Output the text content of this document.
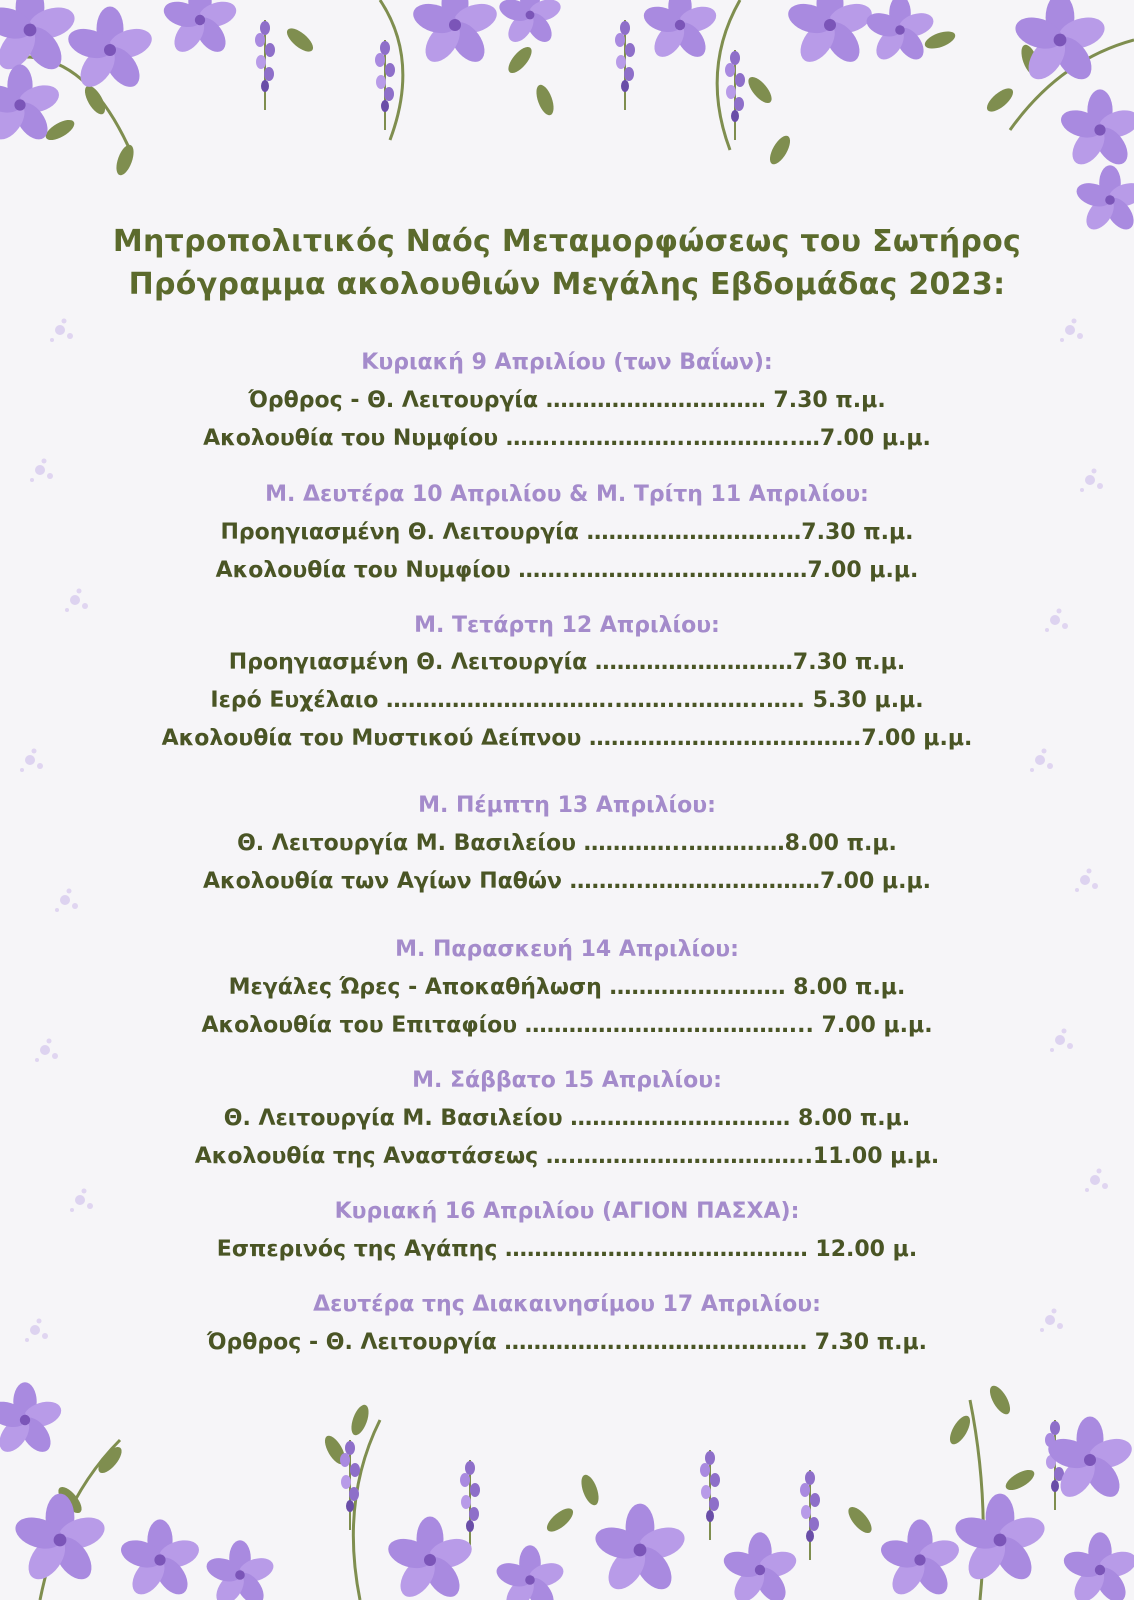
Μητροπολιτικός Ναός Μεταμορφώσεως του Σωτήρος
Πρόγραμμα ακολουθιών Μεγάλης Εβδομάδας 2023:
Κυριακή 9 Απριλίου (των Βαΐων):
Όρθρος - Θ. Λειτουργία ………………………… 7.30 π.μ.
Ακολουθία του Νυμφίου ……..……………..…………..…7.00 μ.μ.
Μ. Δευτέρα 10 Απριλίου & Μ. Τρίτη 11 Απριλίου:
Προηγιασμένη Θ. Λειτουργία ……………………..…7.30 π.μ.
Ακολουθία του Νυμφίου ……..……………………….…7.00 μ.μ.
Μ. Τετάρτη 12 Απριλίου:
Προηγιασμένη Θ. Λειτουργία ………………………7.30 π.μ.
Ιερό Ευχέλαιο …………………………..……..………..….. 5.30 μ.μ.
Ακολουθία του Μυστικού Δείπνου ……………………………….7.00 μ.μ.
Μ. Πέμπτη 13 Απριλίου:
Θ. Λειτουργία Μ. Βασιλείου …………..……….…8.00 π.μ.
Ακολουθία των Αγίων Παθών ……….……………………7.00 μ.μ.
Μ. Παρασκευή 14 Απριλίου:
Μεγάλες Ώρες - Αποκαθήλωση …………………… 8.00 π.μ.
Ακολουθία του Επιταφίου ………………………………... 7.00 μ.μ.
Μ. Σάββατο 15 Απριλίου:
Θ. Λειτουργία Μ. Βασιλείου ………………………… 8.00 π.μ.
Ακολουθία της Αναστάσεως ….…………………………..11.00 μ.μ.
Κυριακή 16 Απριλίου (ΑΓΙΟΝ ΠΑΣΧΑ):
Εσπερινός της Αγάπης ………………..………………… 12.00 μ.
Δευτέρα της Διακαινησίμου 17 Απριλίου:
Όρθρος - Θ. Λειτουργία ……………..…………………… 7.30 π.μ.
